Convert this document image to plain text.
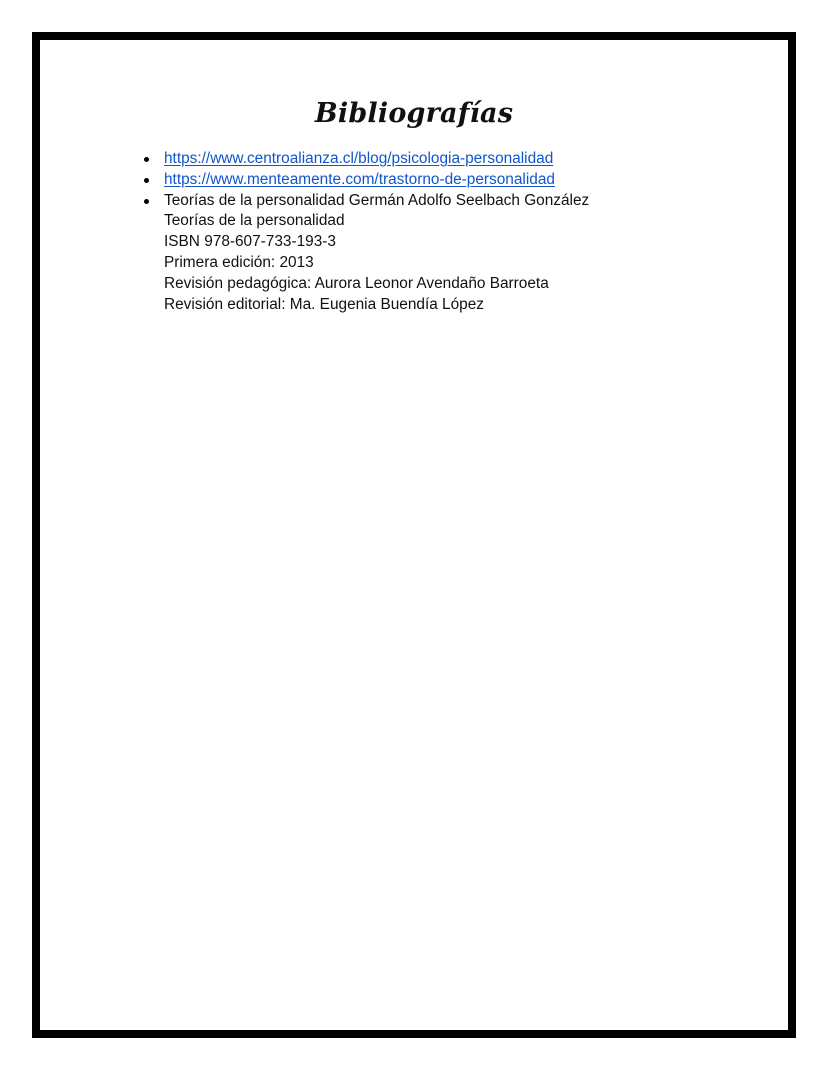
Bibliografías
https://www.centroalianza.cl/blog/psicologia-personalidad
https://www.menteamente.com/trastorno-de-personalidad
Teorías de la personalidad Germán Adolfo Seelbach González
Teorías de la personalidad
ISBN 978-607-733-193-3
Primera edición: 2013
Revisión pedagógica: Aurora Leonor Avendaño Barroeta
Revisión editorial: Ma. Eugenia Buendía López
